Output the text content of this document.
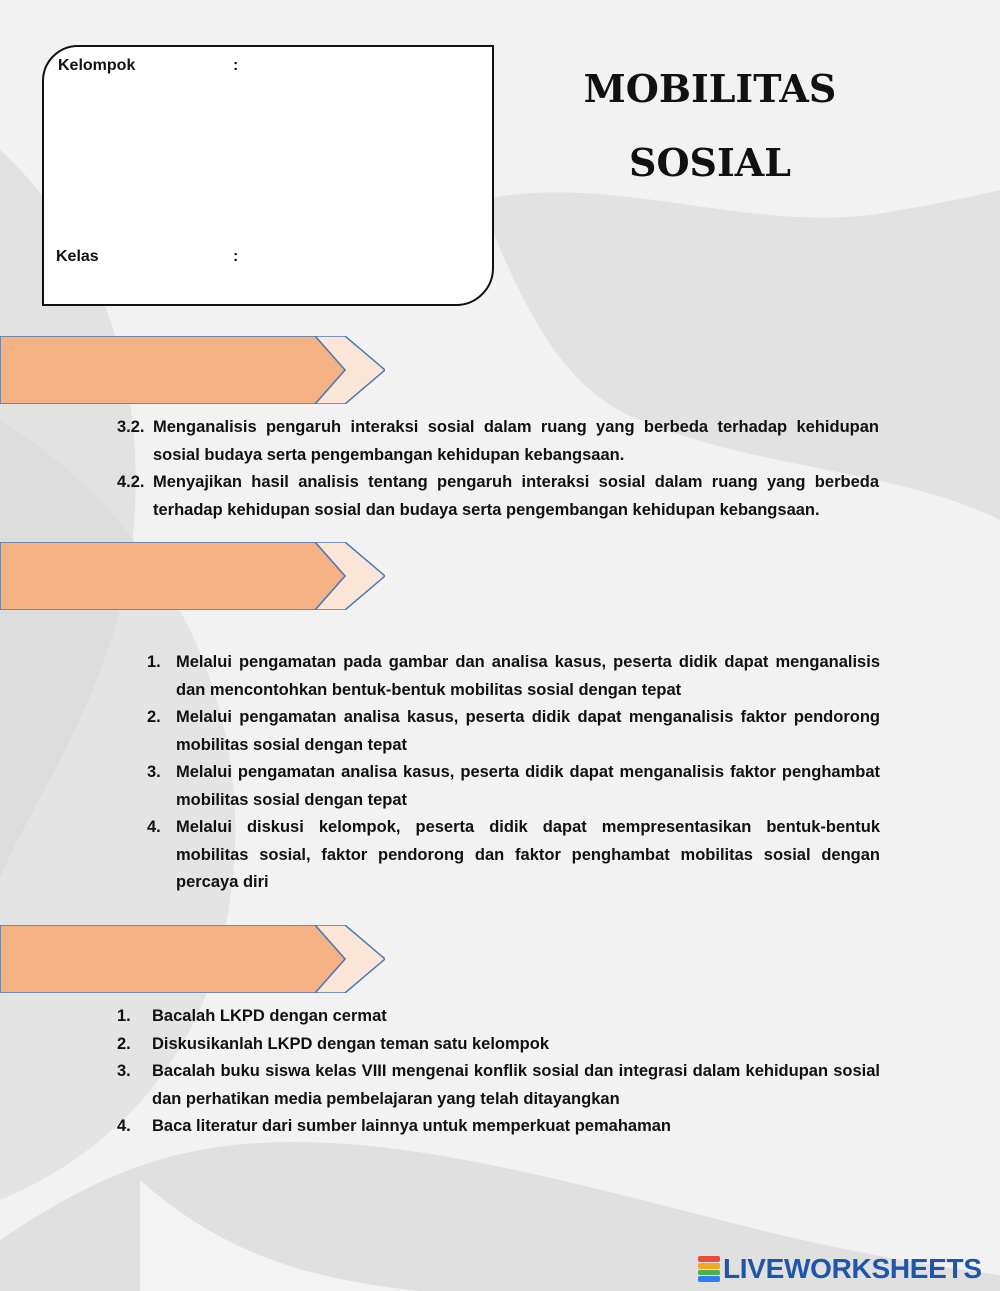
Kelompok	:
Kelas	:
MOBILITAS
SOSIAL
3.2. Menganalisis pengaruh interaksi sosial dalam ruang yang berbeda terhadap kehidupan sosial budaya serta pengembangan kehidupan kebangsaan.
4.2. Menyajikan hasil analisis tentang pengaruh interaksi sosial dalam ruang yang berbeda terhadap kehidupan sosial dan budaya serta pengembangan kehidupan kebangsaan.
1. Melalui pengamatan pada gambar dan analisa kasus, peserta didik dapat menganalisis dan mencontohkan bentuk-bentuk mobilitas sosial dengan tepat
2. Melalui pengamatan analisa kasus, peserta didik dapat menganalisis faktor pendorong mobilitas sosial dengan tepat
3. Melalui pengamatan analisa kasus, peserta didik dapat menganalisis faktor penghambat mobilitas sosial dengan tepat
4. Melalui diskusi kelompok, peserta didik dapat mempresentasikan bentuk-bentuk mobilitas sosial, faktor pendorong dan faktor penghambat mobilitas sosial dengan percaya diri
1.	Bacalah LKPD dengan cermat
2.	Diskusikanlah LKPD dengan teman satu kelompok
3.	Bacalah buku siswa kelas VIII mengenai konflik sosial dan integrasi dalam kehidupan sosial dan perhatikan media pembelajaran yang telah ditayangkan
4.	Baca literatur dari sumber lainnya untuk memperkuat pemahaman
LIVEWORKSHEETS
